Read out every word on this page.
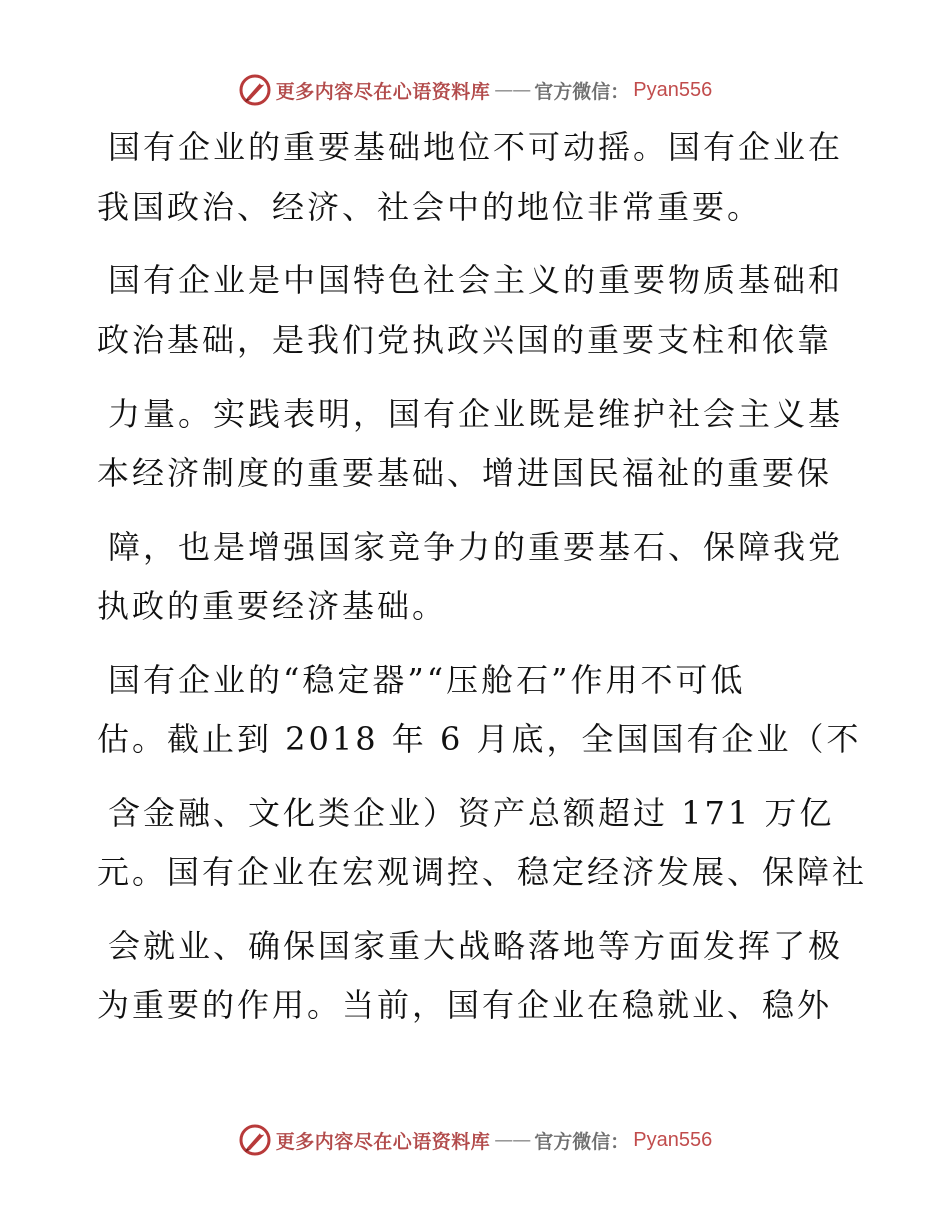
更多内容尽在心语资料库 —— 官方微信： Pyan556
国有企业的重要基础地位不可动摇。国有企业在
我国政治、经济、社会中的地位非常重要。
国有企业是中国特色社会主义的重要物质基础和
政治基础，是我们党执政兴国的重要支柱和依靠
力量。实践表明，国有企业既是维护社会主义基
本经济制度的重要基础、增进国民福祉的重要保
障，也是增强国家竞争力的重要基石、保障我党
执政的重要经济基础。
国有企业的“稳定器”“压舱石”作用不可低
估。截止到 2018 年 6 月底，全国国有企业（不
含金融、文化类企业）资产总额超过 171 万亿
元。国有企业在宏观调控、稳定经济发展、保障社
会就业、确保国家重大战略落地等方面发挥了极
为重要的作用。当前，国有企业在稳就业、稳外
更多内容尽在心语资料库 —— 官方微信： Pyan556
